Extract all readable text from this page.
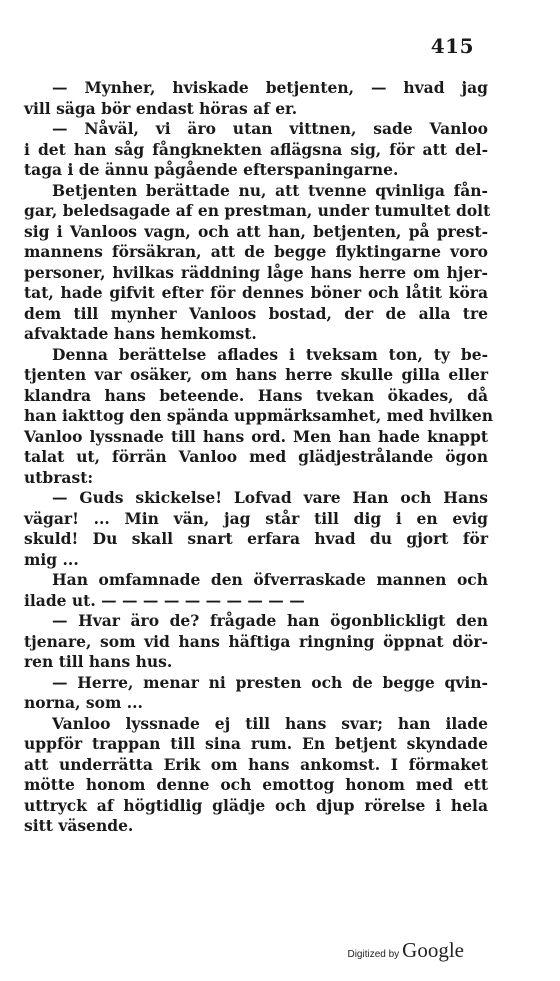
415
— Mynher, hviskade betjenten, — hvad jag
vill säga bör endast höras af er.
— Nåväl, vi äro utan vittnen, sade Vanloo
i det han såg fångknekten aflägsna sig, för att del-
taga i de ännu pågående efterspaningarne.
Betjenten berättade nu, att tvenne qvinliga fån-
gar, beledsagade af en prestman, under tumultet dolt
sig i Vanloos vagn, och att han, betjenten, på prest-
mannens försäkran, att de begge flyktingarne voro
personer, hvilkas räddning låge hans herre om hjer-
tat, hade gifvit efter för dennes böner och låtit köra
dem till mynher Vanloos bostad, der de alla tre
afvaktade hans hemkomst.
Denna berättelse aflades i tveksam ton, ty be-
tjenten var osäker, om hans herre skulle gilla eller
klandra hans beteende. Hans tvekan ökades, då
han iakttog den spända uppmärksamhet, med hvilken
Vanloo lyssnade till hans ord. Men han hade knappt
talat ut, förrän Vanloo med glädjestrålande ögon
utbrast:
— Guds skickelse! Lofvad vare Han och Hans
vägar! ... Min vän, jag står till dig i en evig
skuld! Du skall snart erfara hvad du gjort för
mig ...
Han omfamnade den öfverraskade mannen och
ilade ut. — — — — — — — — — —
— Hvar äro de? frågade han ögonblickligt den
tjenare, som vid hans häftiga ringning öppnat dör-
ren till hans hus.
— Herre, menar ni presten och de begge qvin-
norna, som ...
Vanloo lyssnade ej till hans svar; han ilade
uppför trappan till sina rum. En betjent skyndade
att underrätta Erik om hans ankomst. I förmaket
mötte honom denne och emottog honom med ett
uttryck af högtidlig glädje och djup rörelse i hela
sitt väsende.
Digitized by Google
